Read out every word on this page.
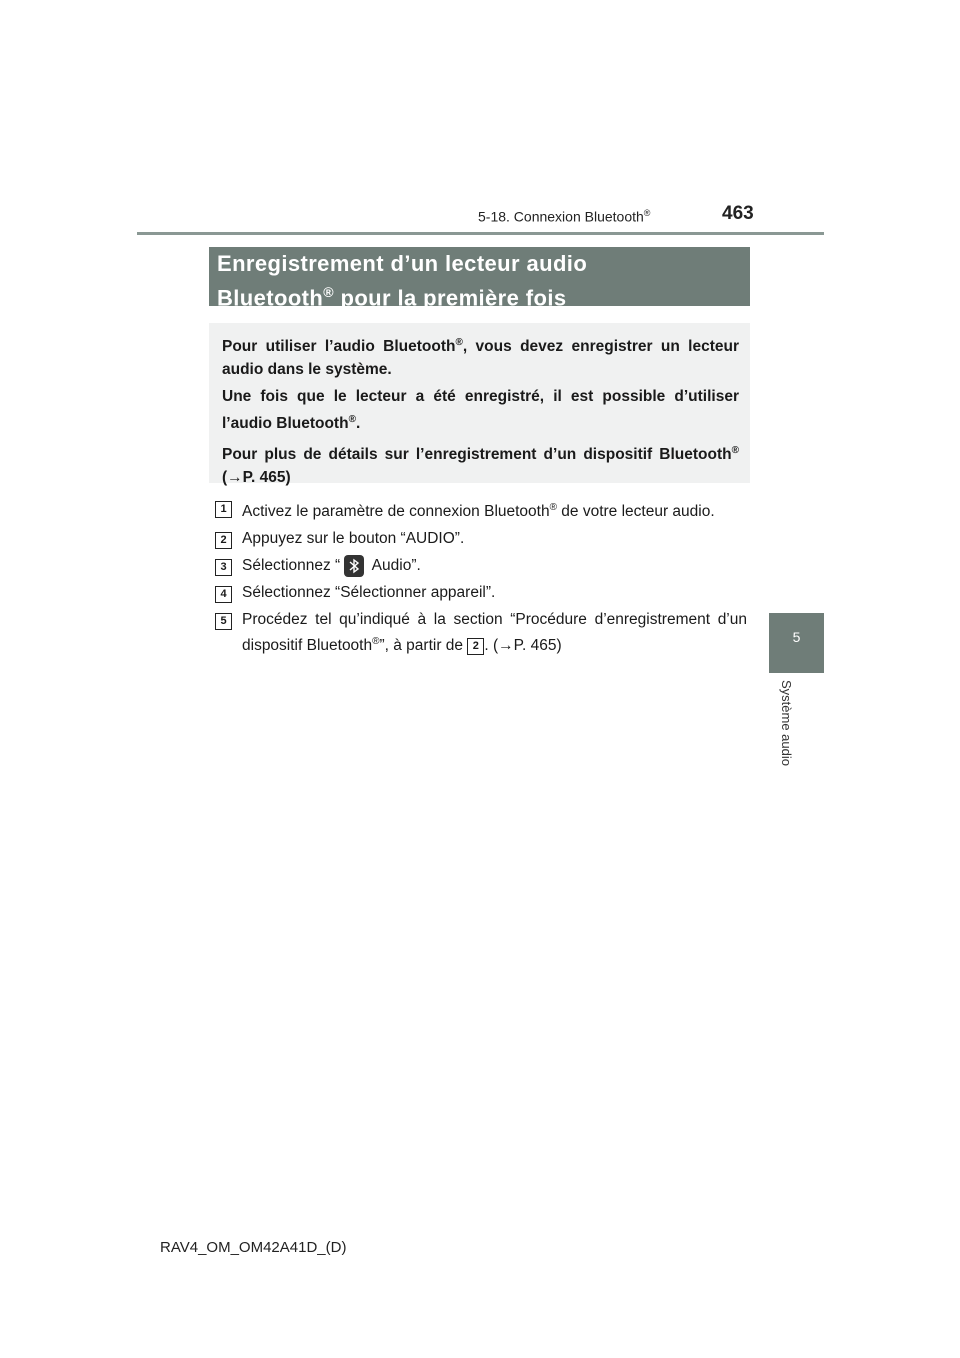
5-18. Connexion Bluetooth®	463
5
Système audio
Enregistrement d’un lecteur audio
Bluetooth® pour la première fois

Pour utiliser l’audio Bluetooth®, vous devez enregistrer un lecteur audio dans le système.

Une fois que le lecteur a été enregistré, il est possible d’utiliser l’audio Bluetooth®.

Pour plus de détails sur l’enregistrement d’un dispositif Bluetooth® (→P. 465)

1 Activez le paramètre de connexion Bluetooth® de votre lecteur audio.
2 Appuyez sur le bouton “AUDIO”.
3 Sélectionnez “
Audio”.
4 Sélectionnez “Sélectionner appareil”.
5 Procédez tel qu’indiqué à la section “Procédure d’enregistrement d’un dispositif Bluetooth®”, à partir de 2 . (→P. 465)
RAV4_OM_OM42A41D_(D)
